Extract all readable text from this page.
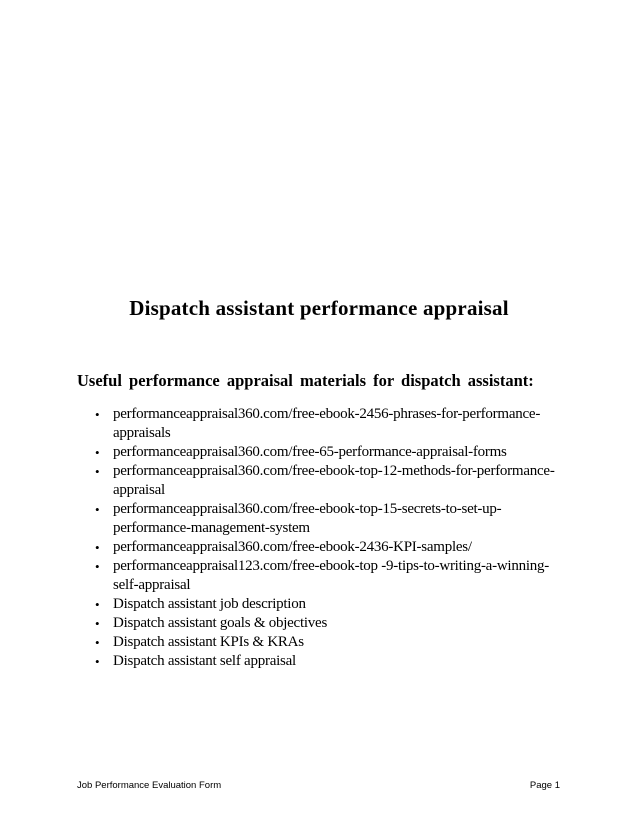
Dispatch assistant performance appraisal
Useful performance appraisal materials for dispatch assistant:
• performanceappraisal360.com/free-ebook-2456-phrases-for-performance-
appraisals
• performanceappraisal360.com/free-65-performance-appraisal-forms
• performanceappraisal360.com/free-ebook-top-12-methods-for-performance-
appraisal
• performanceappraisal360.com/free-ebook-top-15-secrets-to-set-up-
performance-management-system
• performanceappraisal360.com/free-ebook-2436-KPI-samples/
• performanceappraisal123.com/free-ebook-top -9-tips-to-writing-a-winning-
self-appraisal
• Dispatch assistant job description
• Dispatch assistant goals & objectives
• Dispatch assistant KPIs & KRAs
• Dispatch assistant self appraisal
Job Performance Evaluation Form	Page 1
